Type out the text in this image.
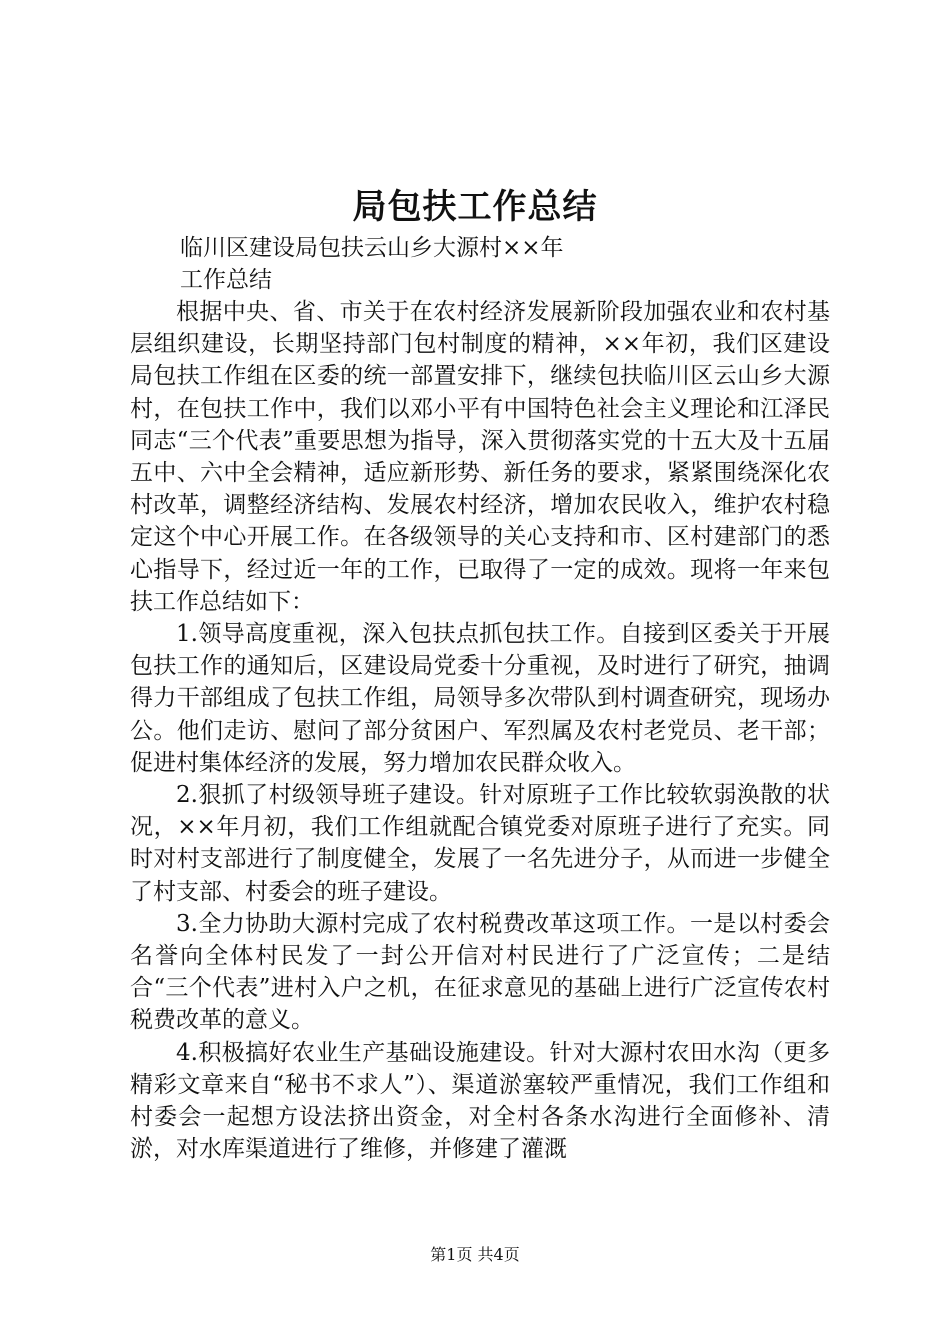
局包扶工作总结
临川区建设局包扶云山乡大源村××年
工作总结

根据中央、省、市关于在农村经济发展新阶段加强农业和农村基层组织建设，长期坚持部门包村制度的精神，××年初，我们区建设局包扶工作组在区委的统一部置安排下，继续包扶临川区云山乡大源村，在包扶工作中，我们以邓小平有中国特色社会主义理论和江泽民同志“三个代表”重要思想为指导，深入贯彻落实党的十五大及十五届五中、六中全会精神，适应新形势、新任务的要求，紧紧围绕深化农村改革，调整经济结构、发展农村经济，增加农民收入，维护农村稳定这个中心开展工作。在各级领导的关心支持和市、区村建部门的悉心指导下，经过近一年的工作，已取得了一定的成效。现将一年来包扶工作总结如下：

1.领导高度重视，深入包扶点抓包扶工作。自接到区委关于开展包扶工作的通知后，区建设局党委十分重视，及时进行了研究，抽调得力干部组成了包扶工作组，局领导多次带队到村调查研究，现场办公。他们走访、慰问了部分贫困户、军烈属及农村老党员、老干部；促进村集体经济的发展，努力增加农民群众收入。

2.狠抓了村级领导班子建设。针对原班子工作比较软弱涣散的状况，××年月初，我们工作组就配合镇党委对原班子进行了充实。同时对村支部进行了制度健全，发展了一名先进分子，从而进一步健全了村支部、村委会的班子建设。

3.全力协助大源村完成了农村税费改革这项工作。一是以村委会名誉向全体村民发了一封公开信对村民进行了广泛宣传；二是结合“三个代表”进村入户之机，在征求意见的基础上进行广泛宣传农村税费改革的意义。

4.积极搞好农业生产基础设施建设。针对大源村农田水沟（更多精彩文章来自“秘书不求人”）、渠道淤塞较严重情况，我们工作组和村委会一起想方设法挤出资金，对全村各条水沟进行全面修补、清淤，对水库渠道进行了维修，并修建了灌溉

第1页 共4页
